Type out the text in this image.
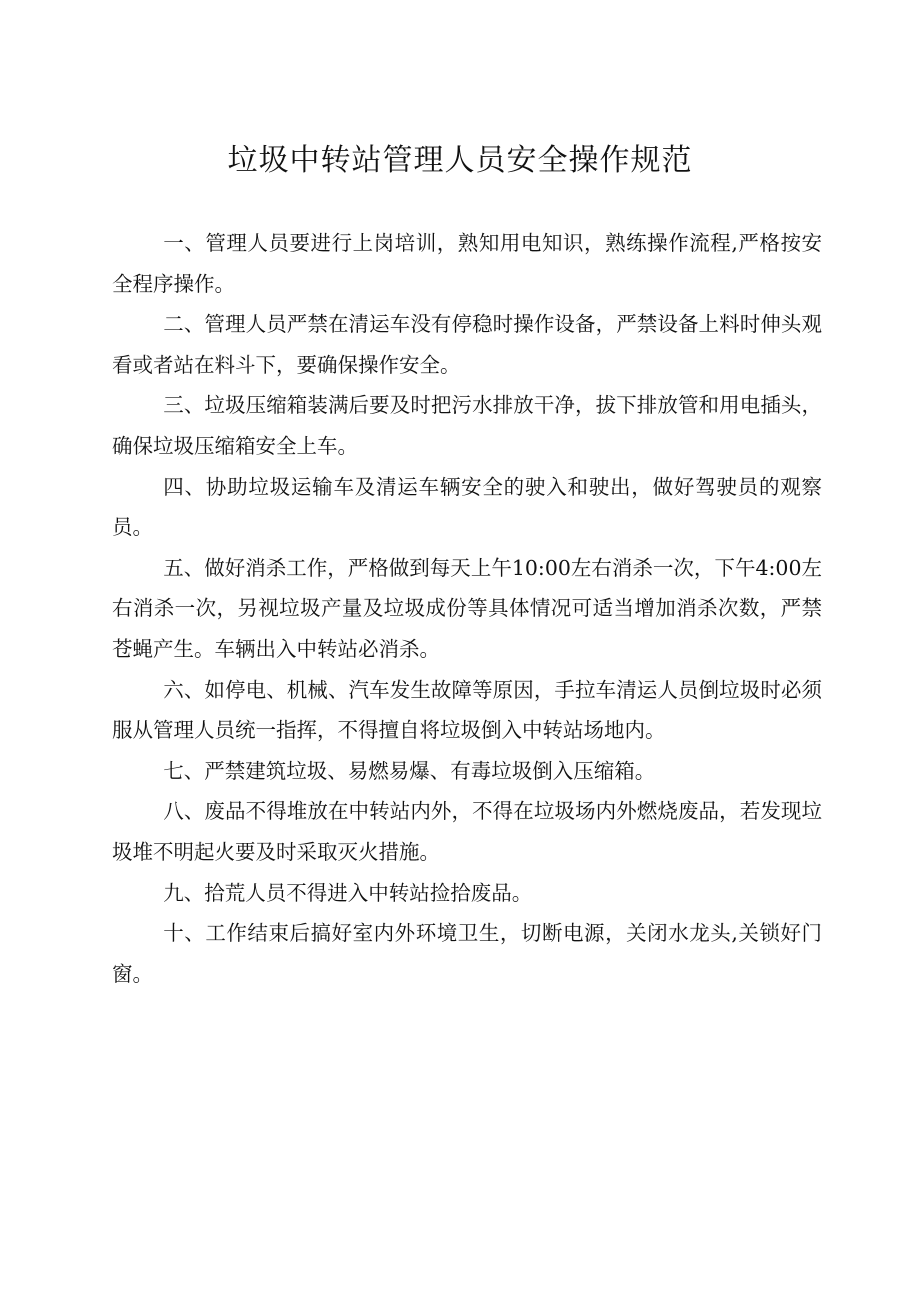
垃圾中转站管理人员安全操作规范

一、管理人员要进行上岗培训，熟知用电知识，熟练操作流程,严格按安全程序操作。

二、管理人员严禁在清运车没有停稳时操作设备，严禁设备上料时伸头观看或者站在料斗下，要确保操作安全。

三、垃圾压缩箱装满后要及时把污水排放干净，拔下排放管和用电插头，确保垃圾压缩箱安全上车。

四、协助垃圾运输车及清运车辆安全的驶入和驶出，做好驾驶员的观察员。

五、做好消杀工作，严格做到每天上午10:00左右消杀一次，下午4:00左右消杀一次，另视垃圾产量及垃圾成份等具体情况可适当增加消杀次数，严禁苍蝇产生。车辆出入中转站必消杀。

六、如停电、机械、汽车发生故障等原因，手拉车清运人员倒垃圾时必须服从管理人员统一指挥，不得擅自将垃圾倒入中转站场地内。

七、严禁建筑垃圾、易燃易爆、有毒垃圾倒入压缩箱。

八、废品不得堆放在中转站内外，不得在垃圾场内外燃烧废品，若发现垃圾堆不明起火要及时采取灭火措施。

九、拾荒人员不得进入中转站捡拾废品。

十、工作结束后搞好室内外环境卫生，切断电源，关闭水龙头,关锁好门窗。
